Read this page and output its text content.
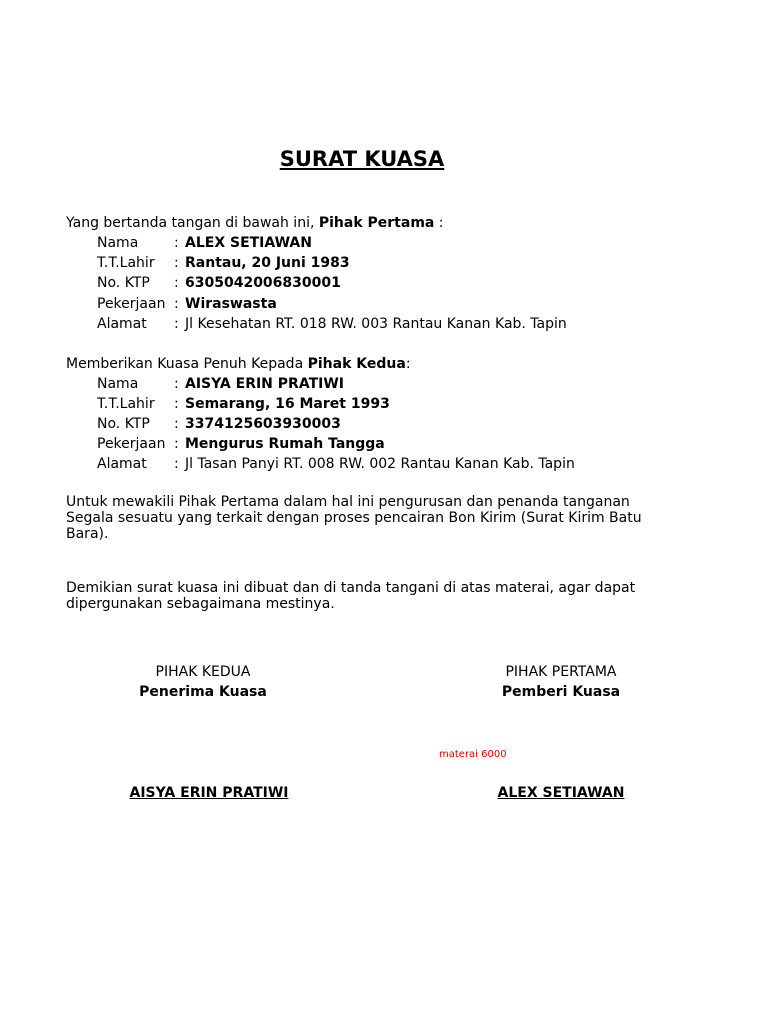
SURAT KUASA
Yang bertanda tangan di bawah ini, Pihak Pertama :
Nama	: ALEX SETIAWAN
T.T.Lahir : Rantau, 20 Juni 1983
No. KTP : 6305042006830001
Pekerjaan : Wiraswasta
Alamat : Jl Kesehatan RT. 018 RW. 003 Rantau Kanan Kab. Tapin
Memberikan Kuasa Penuh Kepada Pihak Kedua:
Nama	: AISYA ERIN PRATIWI
T.T.Lahir : Semarang, 16 Maret 1993
No. KTP : 3374125603930003
Pekerjaan : Mengurus Rumah Tangga
Alamat : Jl Tasan Panyi RT. 008 RW. 002 Rantau Kanan Kab. Tapin
Untuk mewakili Pihak Pertama dalam hal ini pengurusan dan penanda tanganan Segala sesuatu yang terkait dengan proses pencairan Bon Kirim (Surat Kirim Batu Bara).
Demikian surat kuasa ini dibuat dan di tanda tangani di atas materai, agar dapat dipergunakan sebagaimana mestinya.
PIHAK KEDUA
Penerima Kuasa
PIHAK PERTAMA
Pemberi Kuasa
materai 6000
AISYA ERIN PRATIWI	ALEX SETIAWAN
